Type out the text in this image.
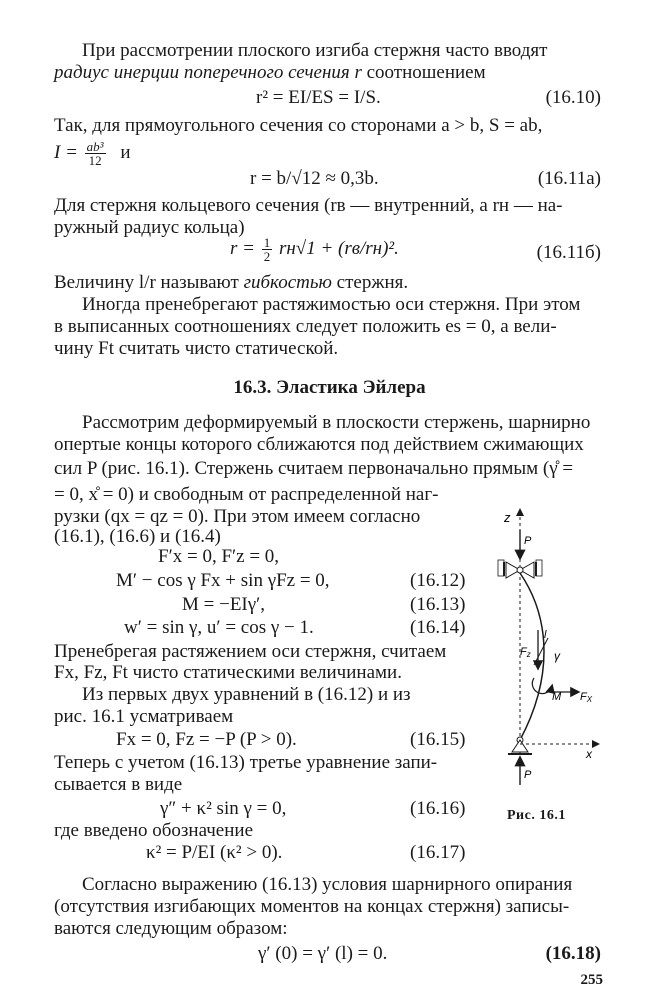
При рассмотрении плоского изгиба стержня часто вводят
радиус инерции поперечного сечения r соотношением
r² = EI/ES = I/S.	(16.10)
Так, для прямоугольного сечения со сторонами a > b, S = ab,
$I = \frac{\text{ab³}}{12}$ и
r = b/√12 ≈ 0,3b.	(16.11а)
Для стержня кольцевого сечения (rв — внутренний, а rн — на-
ружный радиус кольца)
$r = \frac{1}{2} rн√1 + (rв/rн)^2$.	(16.11б)
Величину l/r называют гибкостью стержня.
Иногда пренебрегают растяжимостью оси стержня. При этом
в выписанных соотношениях следует положить es = 0, а вели-
чину Ft считать чисто статической.
16.3. Эластика Эйлера
Рассмотрим деформируемый в плоскости стержень, шарнирно
опертые концы которого сближаются под действием сжимающих
сил P (рис. 16.1). Стержень считаем первоначально прямым (γ̊ =
= 0, x̊ = 0) и свободным от распределенной наг-
рузки (qx = qz = 0). При этом имеем согласно
(16.1), (16.6) и (16.4)
F′x = 0, F′z = 0,
M′ − cos γ Fx + sin γFz = 0,	(16.12)
M = −EIγ′,	(16.13)
w′ = sin γ, u′ = cos γ − 1.	(16.14)
Пренебрегая растяжением оси стержня, считаем
Fx, Fz, Ft чисто статическими величинами.
Из первых двух уравнений в (16.12) и из
рис. 16.1 усматриваем
Fx = 0, Fz = −P (P > 0).	(16.15)
Теперь с учетом (16.13) третье уравнение запи-
сывается в виде
γ″ + κ² sin γ = 0,	(16.16)
где введено обозначение
κ² = P/EI (κ² > 0).	(16.17)
Согласно выражению (16.13) условия шарнирного опирания
(отсутствия изгибающих моментов на концах стержня) записы-
ваются следующим образом:
γ′ (0) = γ′ (l) = 0.	(16.18)
255
z
P
Fz
l
γ
M FX
x
P
Рис. 16.1
